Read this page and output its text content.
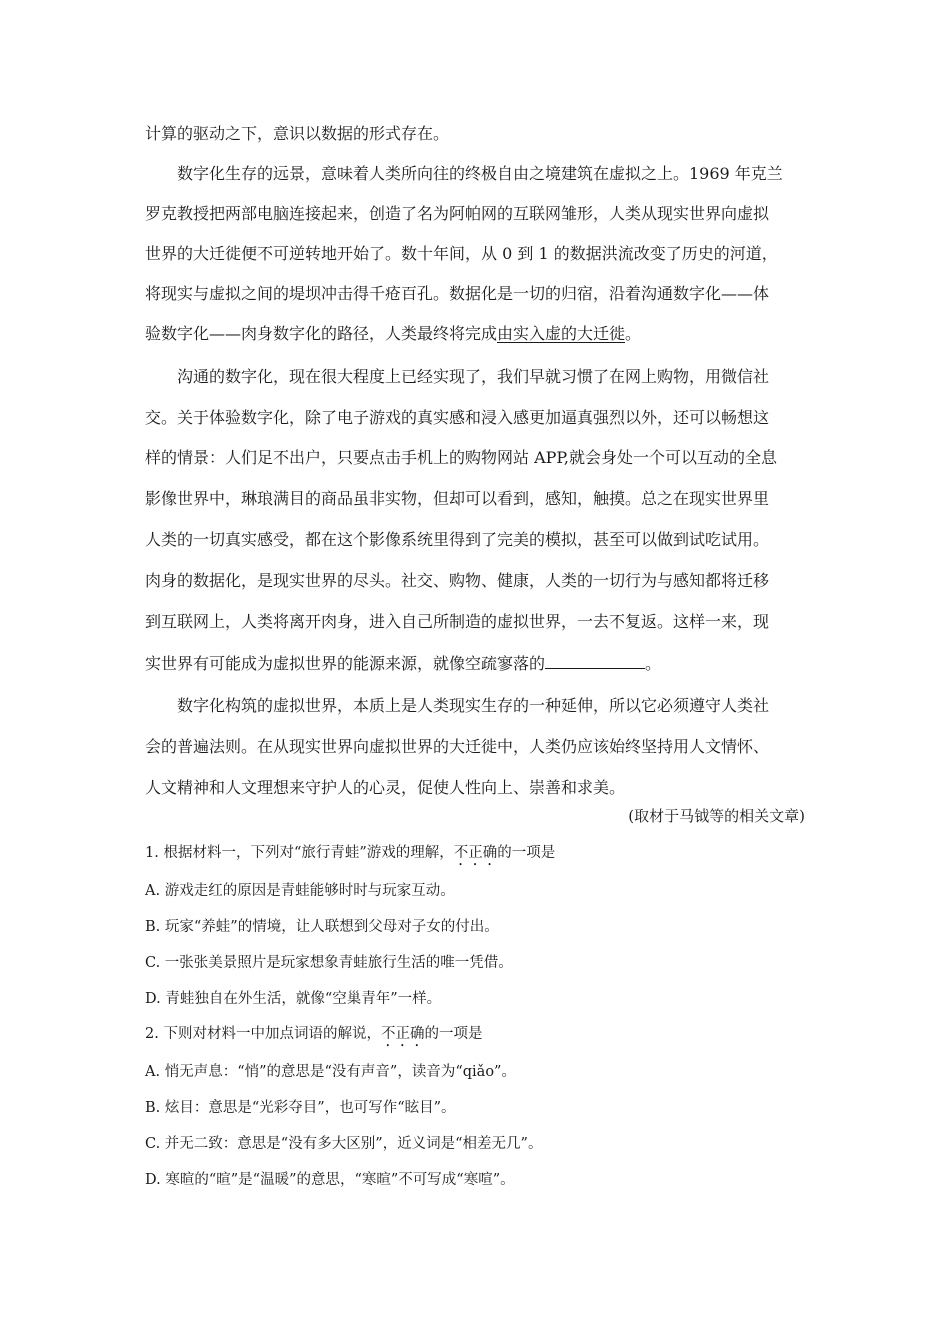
计算的驱动之下，意识以数据的形式存在。
数字化生存的远景，意味着人类所向往的终极自由之境建筑在虚拟之上。1969 年克兰
罗克教授把两部电脑连接起来，创造了名为阿帕网的互联网雏形，人类从现实世界向虚拟
世界的大迁徙便不可逆转地开始了。数十年间，从 0 到 1 的数据洪流改变了历史的河道，
将现实与虚拟之间的堤坝冲击得千疮百孔。数据化是一切的归宿，沿着沟通数字化——体
验数字化——肉身数字化的路径，人类最终将完成由实入虚的大迁徙。
沟通的数字化，现在很大程度上已经实现了，我们早就习惯了在网上购物，用微信社
交。关于体验数字化，除了电子游戏的真实感和浸入感更加逼真强烈以外，还可以畅想这
样的情景：人们足不出户，只要点击手机上的购物网站 APP,就会身处一个可以互动的全息
影像世界中，琳琅满目的商品虽非实物，但却可以看到，感知，触摸。总之在现实世界里
人类的一切真实感受，都在这个影像系统里得到了完美的模拟，甚至可以做到试吃试用。
肉身的数据化，是现实世界的尽头。社交、购物、健康，人类的一切行为与感知都将迁移
到互联网上，人类将离开肉身，进入自己所制造的虚拟世界，一去不复返。这样一来，现
实世界有可能成为虚拟世界的能源来源，就像空疏寥落的	。
数字化构筑的虚拟世界，本质上是人类现实生存的一种延伸，所以它必须遵守人类社
会的普遍法则。在从现实世界向虚拟世界的大迁徙中，人类仍应该始终坚持用人文情怀、
人文精神和人文理想来守护人的心灵，促使人性向上、崇善和求美。
(取材于马钺等的相关文章)
1. 根据材料一，下列对“旅行青蛙”游戏的理解，不正确的一项是
A. 游戏走红的原因是青蛙能够时时与玩家互动。
B. 玩家“养蛙”的情境，让人联想到父母对子女的付出。
C. 一张张美景照片是玩家想象青蛙旅行生活的唯一凭借。
D. 青蛙独自在外生活，就像“空巢青年”一样。
2. 下则对材料一中加点词语的解说，不正确的一项是
A. 悄无声息：“悄”的意思是“没有声音”，读音为“qiǎo”。
B. 炫目：意思是“光彩夺目”，也可写作“眩目”。
C. 并无二致：意思是“没有多大区别”，近义词是“相差无几”。
D. 寒暄的“暄”是“温暖”的意思，“寒暄”不可写成“寒喧”。
